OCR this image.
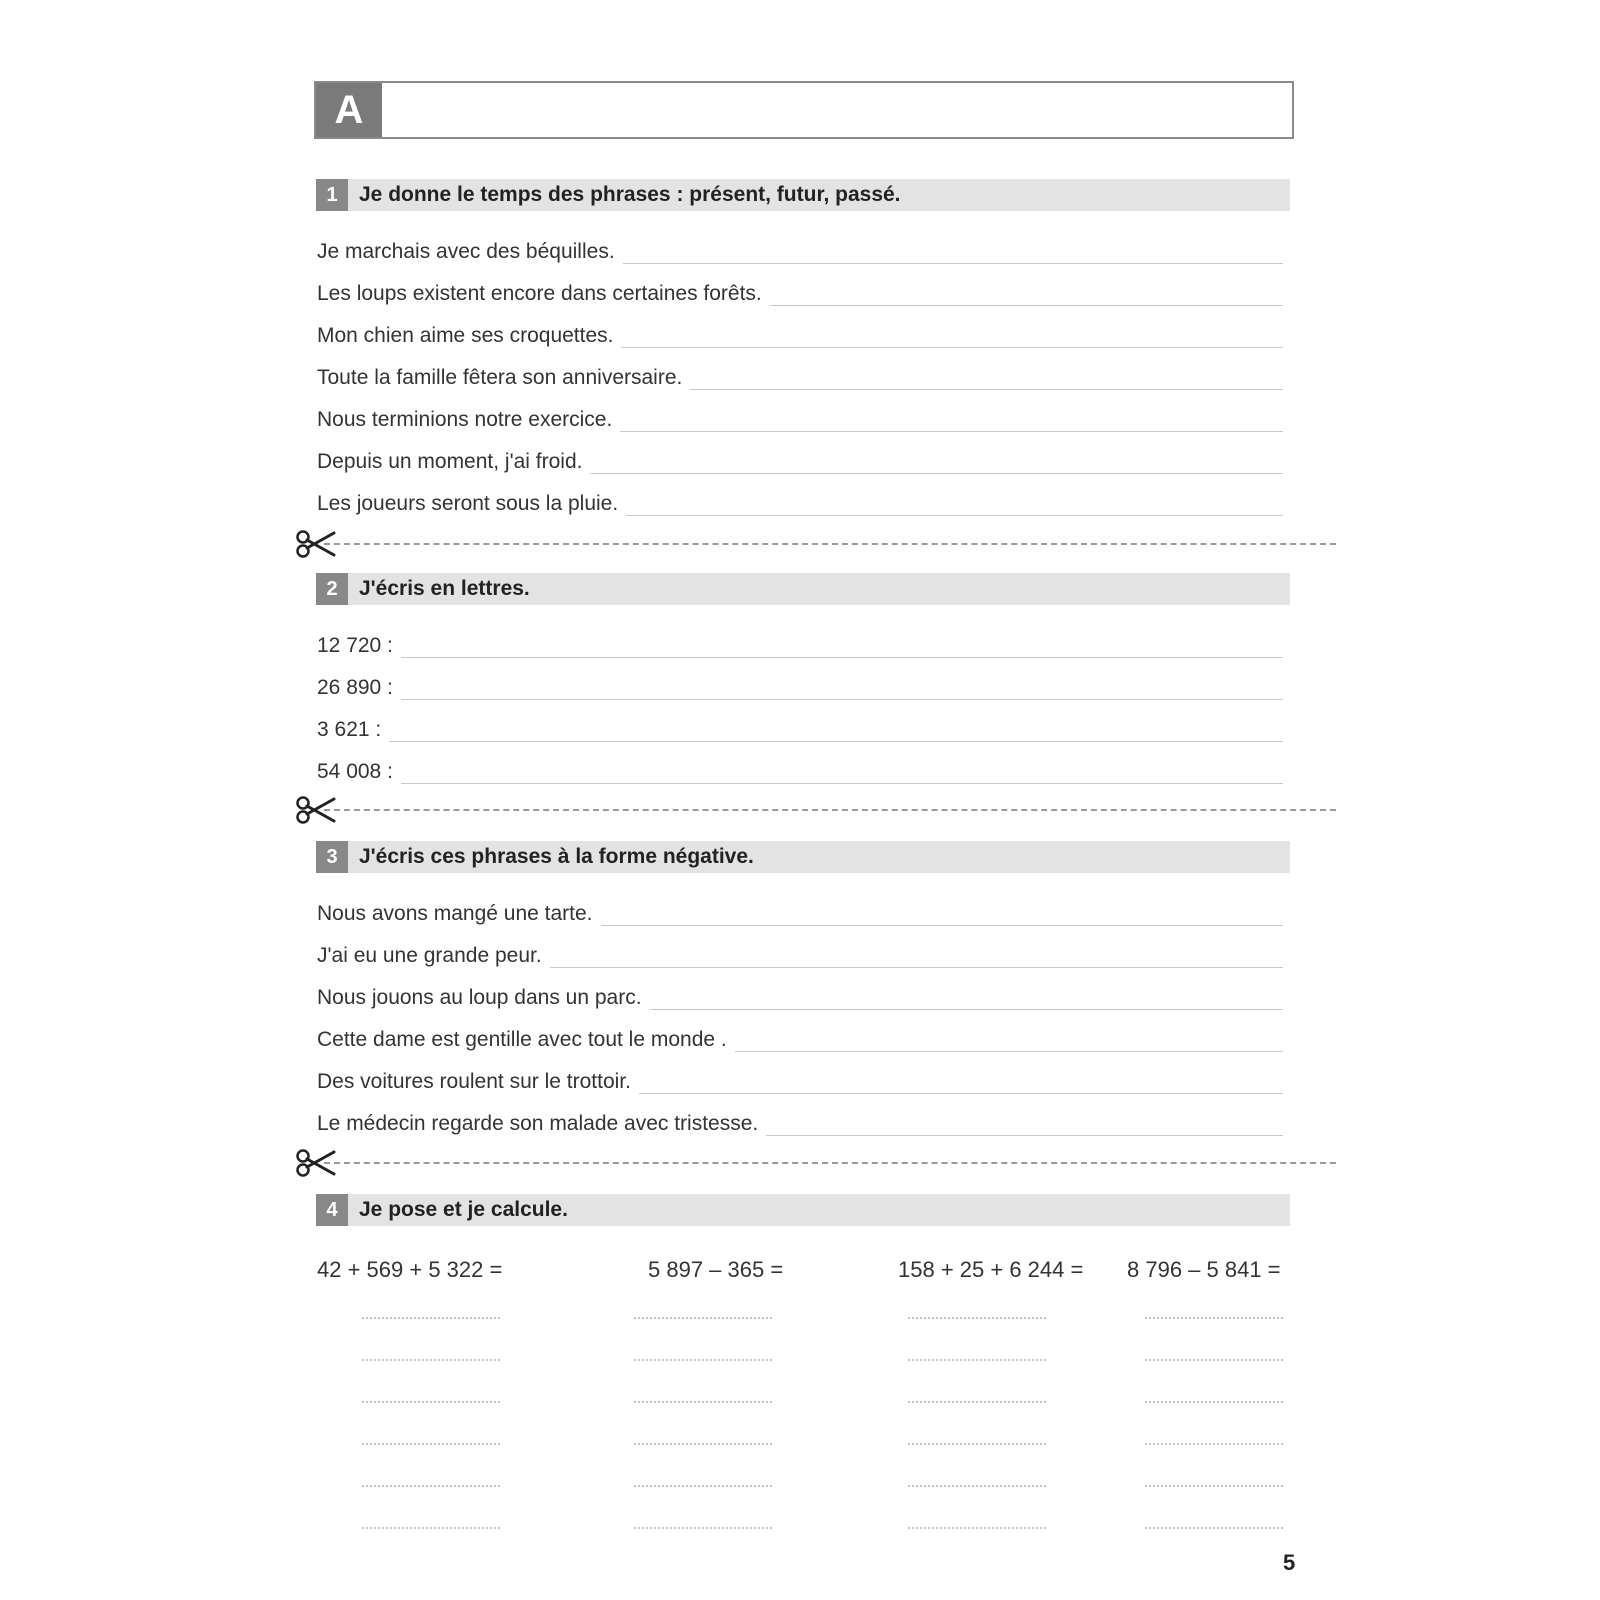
A
1	Je donne le temps des phrases : présent, futur, passé.
Je marchais avec des béquilles.
Les loups existent encore dans certaines forêts.
Mon chien aime ses croquettes.
Toute la famille fêtera son anniversaire.
Nous terminions notre exercice.
Depuis un moment, j'ai froid.
Les joueurs seront sous la pluie.
2	J'écris en lettres.
12 720 :
26 890 :
3 621 :
54 008 :
3	J'écris ces phrases à la forme négative.
Nous avons mangé une tarte.
J'ai eu une grande peur.
Nous jouons au loup dans un parc.
Cette dame est gentille avec tout le monde .
Des voitures roulent sur le trottoir.
Le médecin regarde son malade avec tristesse.
4	Je pose et je calcule.
42 + 569 + 5 322 =	5 897 – 365 =	158 + 25 + 6 244 = 8 796 – 5 841 =
5
